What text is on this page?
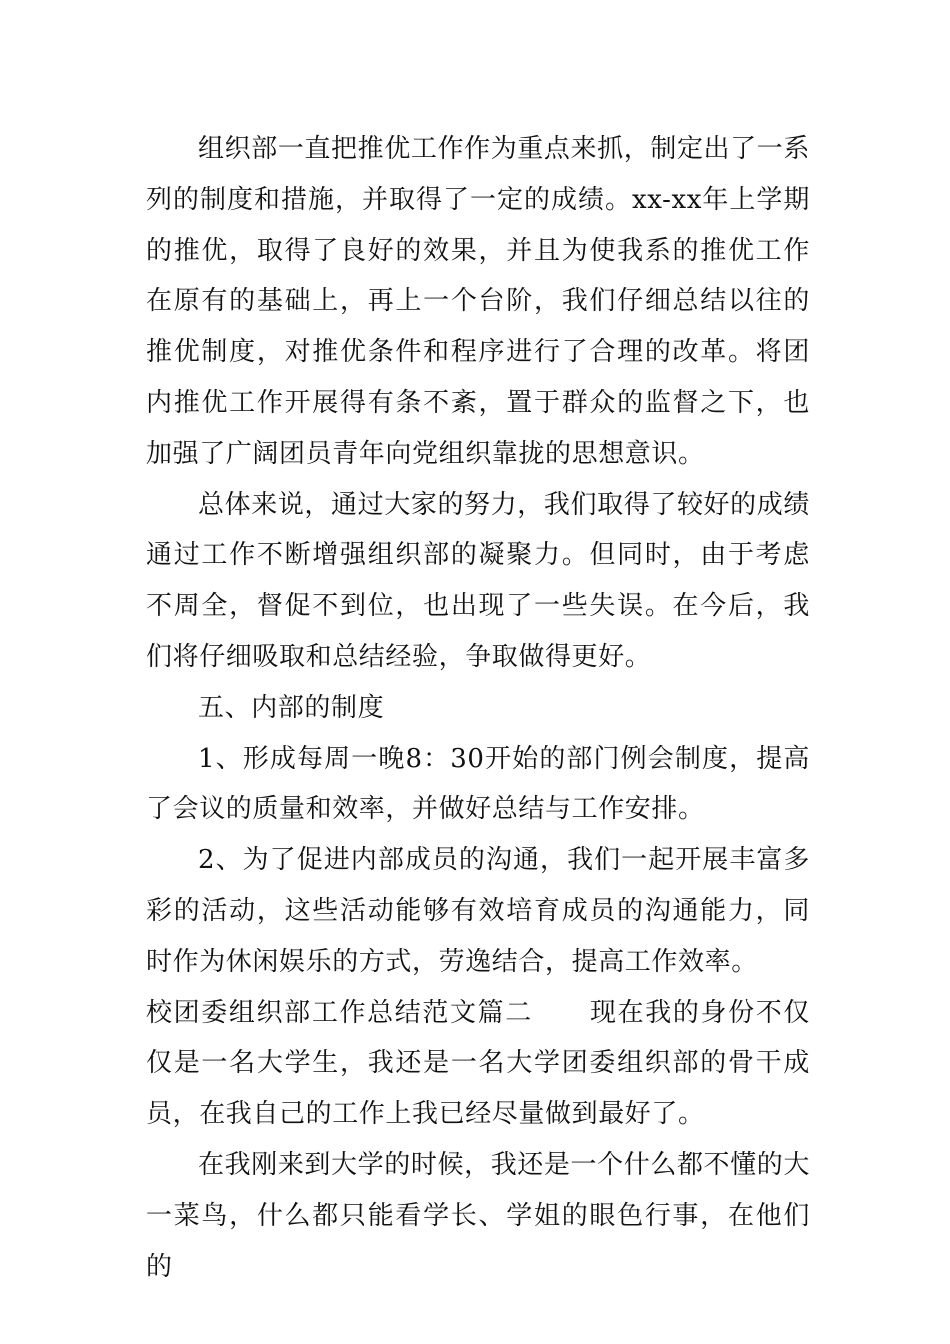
组织部一直把推优工作作为重点来抓，制定出了一系列的制度和措施，并取得了一定的成绩。xx-xx年上学期的推优，取得了良好的效果，并且为使我系的推优工作在原有的基础上，再上一个台阶，我们仔细总结以往的推优制度，对推优条件和程序进行了合理的改革。将团内推优工作开展得有条不紊，置于群众的监督之下，也加强了广阔团员青年向党组织靠拢的思想意识。

总体来说，通过大家的努力，我们取得了较好的成绩通过工作不断增强组织部的凝聚力。但同时，由于考虑不周全，督促不到位，也出现了一些失误。在今后，我们将仔细吸取和总结经验，争取做得更好。

五、内部的制度

1、形成每周一晚8：30开始的部门例会制度，提高了会议的质量和效率，并做好总结与工作安排。

2、为了促进内部成员的沟通，我们一起开展丰富多彩的活动，这些活动能够有效培育成员的沟通能力，同时作为休闲娱乐的方式，劳逸结合，提高工作效率。

校团委组织部工作总结范文篇二 现在我的身份不仅仅是一名大学生，我还是一名大学团委组织部的骨干成员，在我自己的工作上我已经尽量做到最好了。

在我刚来到大学的时候，我还是一个什么都不懂的大一菜鸟，什么都只能看学长、学姐的眼色行事，在他们的
